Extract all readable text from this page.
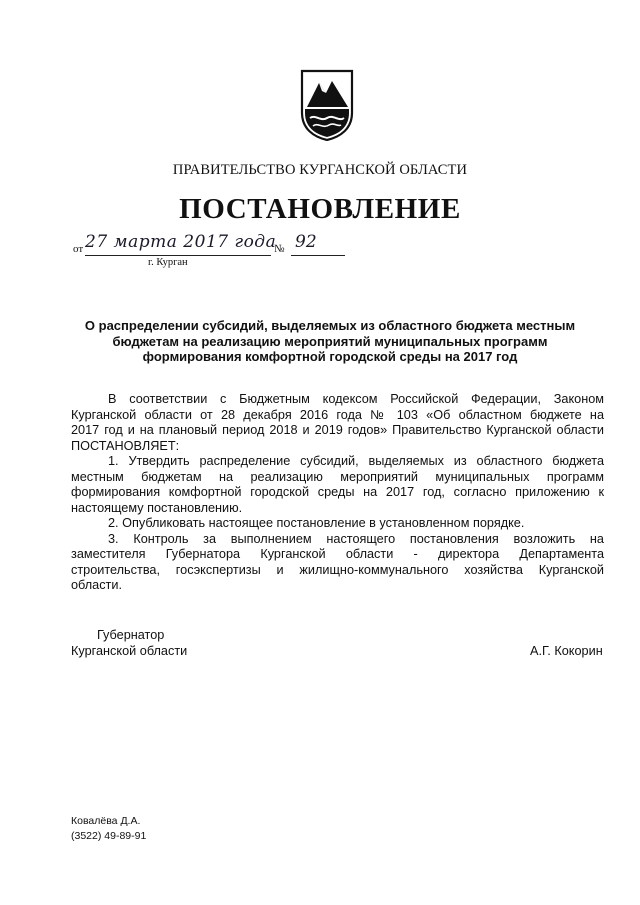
ПРАВИТЕЛЬСТВО КУРГАНСКОЙ ОБЛАСТИ
ПОСТАНОВЛЕНИЕ
от 27 марта 2017 года
№ 92
г. Курган
О распределении субсидий, выделяемых из областного бюджета местным
бюджетам на реализацию мероприятий муниципальных программ
формирования комфортной городской среды на 2017 год
В соответствии с Бюджетным кодексом Российской Федерации, Законом
Курганской области от 28 декабря 2016 года № 103 «Об областном бюджете на
2017 год и на плановый период 2018 и 2019 годов» Правительство Курганской области
ПОСТАНОВЛЯЕТ:
1. Утвердить распределение субсидий, выделяемых из областного бюджета
местным бюджетам на реализацию мероприятий муниципальных программ
формирования комфортной городской среды на 2017 год, согласно приложению к
настоящему постановлению.
2. Опубликовать настоящее постановление в установленном порядке.
3. Контроль за выполнением настоящего постановления возложить на
заместителя Губернатора Курганской области - директора Департамента
строительства, госэкспертизы и жилищно-коммунального хозяйства Курганской
области.
Губернатор
Курганской области	А.Г. Кокорин
Ковалёва Д.А.
(3522) 49-89-91
